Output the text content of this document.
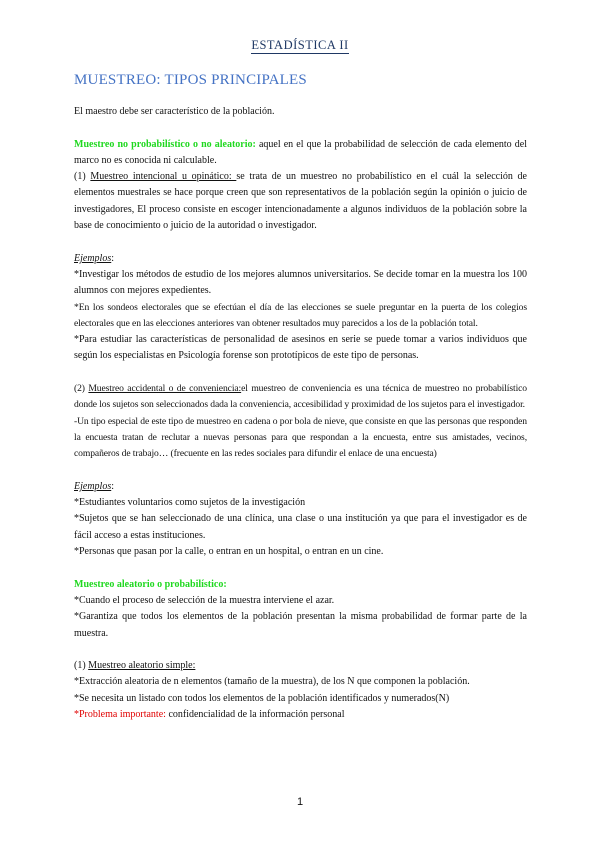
ESTADÍSTICA II
MUESTREO: TIPOS PRINCIPALES

El maestro debe ser característico de la población.

Muestreo no probabilístico o no aleatorio: aquel en el que la probabilidad de selección de cada elemento del marco no es conocida ni calculable.

(1) Muestreo intencional u opinático: se trata de un muestreo no probabilístico en el cuál la selección de elementos muestrales se hace porque creen que son representativos de la población según la opinión o juicio de investigadores, El proceso consiste en escoger intencionadamente a algunos individuos de la población sobre la base de conocimiento o juicio de la autoridad o investigador.

Ejemplos:

*Investigar los métodos de estudio de los mejores alumnos universitarios. Se decide tomar en la muestra los 100 alumnos con mejores expedientes.

*En los sondeos electorales que se efectúan el día de las elecciones se suele preguntar en la puerta de los colegios electorales que en las elecciones anteriores van obtener resultados muy parecidos a los de la población total.

*Para estudiar las características de personalidad de asesinos en serie se puede tomar a varios individuos que según los especialistas en Psicología forense son prototípicos de este tipo de personas.

(2) Muestreo accidental o de conveniencia:el muestreo de conveniencia es una técnica de muestreo no probabilístico donde los sujetos son seleccionados dada la conveniencia, accesibilidad y proximidad de los sujetos para el investigador.

-Un tipo especial de este tipo de muestreo en cadena o por bola de nieve, que consiste en que las personas que responden la encuesta tratan de reclutar a nuevas personas para que respondan a la encuesta, entre sus amistades, vecinos, compañeros de trabajo… (frecuente en las redes sociales para difundir el enlace de una encuesta)

Ejemplos:

*Estudiantes voluntarios como sujetos de la investigación

*Sujetos que se han seleccionado de una clínica, una clase o una institución ya que para el investigador es de fácil acceso a estas instituciones.

*Personas que pasan por la calle, o entran en un hospital, o entran en un cine.

Muestreo aleatorio o probabilístico:

*Cuando el proceso de selección de la muestra interviene el azar.

*Garantiza que todos los elementos de la población presentan la misma probabilidad de formar parte de la muestra.

(1) Muestreo aleatorio simple:

*Extracción aleatoria de n elementos (tamaño de la muestra), de los N que componen la población.

*Se necesita un listado con todos los elementos de la población identificados y numerados(N)

*Problema importante: confidencialidad de la información personal

1
